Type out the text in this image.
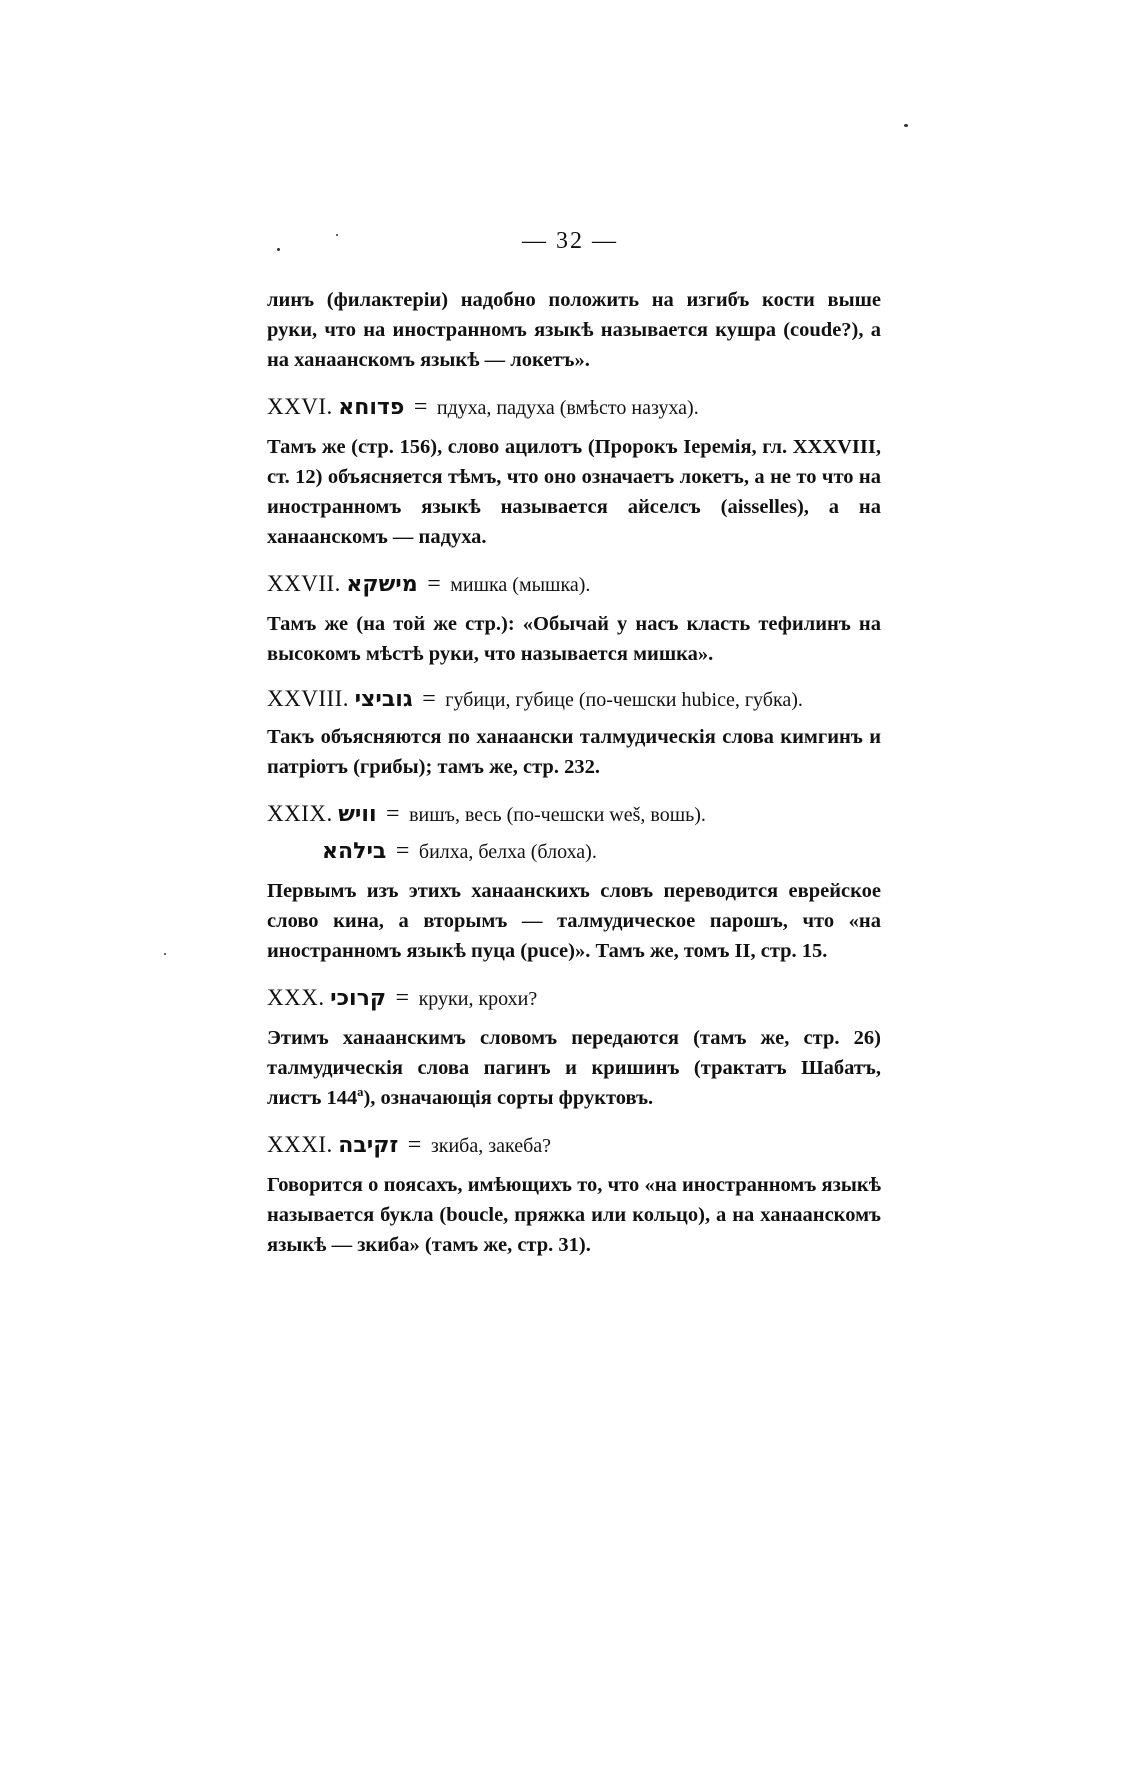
— 32 —

линъ (филактеріи) надобно положить на изгибъ кости выше руки, что на иностранномъ языкѣ называется кушра (coude?), а на ханаанскомъ языкѣ — локетъ».

XXVI. פדוחא = пдуха, падуха (вмѣсто назуха).

Тамъ же (стр. 156), слово ацилотъ (Пророкъ Іеремія, гл. XXXVIII, ст. 12) объясняется тѣмъ, что оно означаетъ локетъ, а не то что на иностранномъ языкѣ называется айселсъ (aisselles), а на ханаанскомъ — падуха.

XXVII. מישקא = мишка (мышка).

Тамъ же (на той же стр.): «Обычай у насъ класть тефилинъ на высокомъ мѣстѣ руки, что называется мишка».

XXVIII. גוביצי = губици, губице (по-чешски hubice, губка).

Такъ объясняются по ханаански талмудическія слова кимгинъ и патріотъ (грибы); тамъ же, стр. 232.

XXIX. וויש = вишъ, весь (по-чешски weš, вошь).
בילהא = билха, белха (блоха).

Первымъ изъ этихъ ханаанскихъ словъ переводится еврейское слово кина, а вторымъ — талмудическое парошъ, что «на иностранномъ языкѣ пуца (puce)». Тамъ же, томъ II, стр. 15.

XXX. קרוכי = круки, крохи?

Этимъ ханаанскимъ словомъ передаются (тамъ же, стр. 26) талмудическія слова пагинъ и кришинъ (трактатъ Шабатъ, листъ 144ª), означающія сорты фруктовъ.

XXXI. זקיבה = зкиба, закеба?

Говорится о поясахъ, имѣющихъ то, что «на иностранномъ языкѣ называется букла (boucle, пряжка или кольцо), а на ханаанскомъ языкѣ — зкиба» (тамъ же, стр. 31).
